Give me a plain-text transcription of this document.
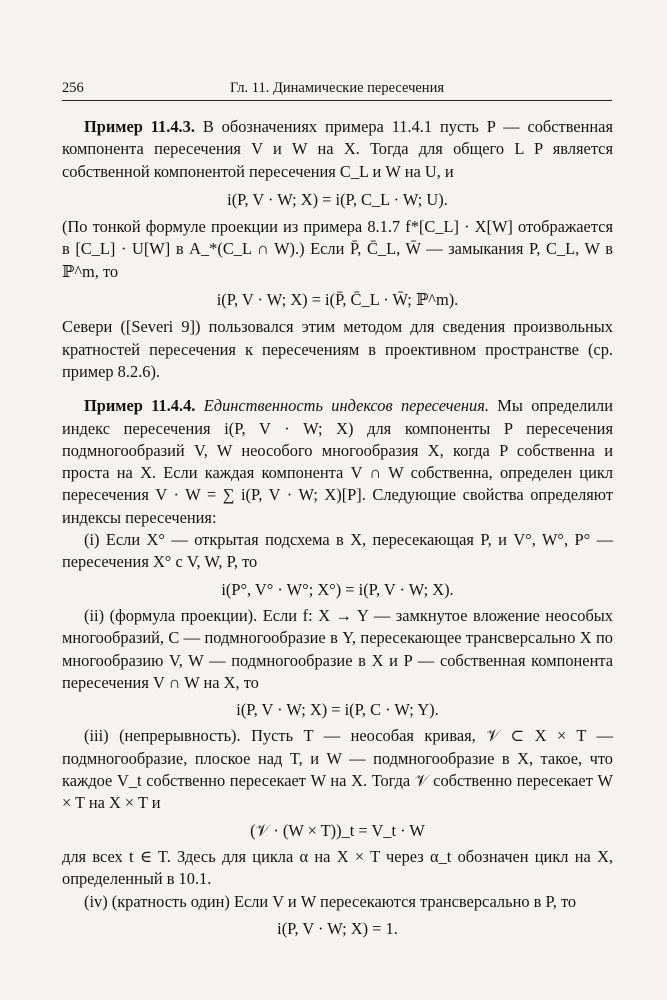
256	Гл. 11. Динамические пересечения

Пример 11.4.3. В обозначениях примера 11.4.1 пусть P — собственная компонента пересечения V и W на X. Тогда для общего L P является собственной компонентой пересечения C_L и W на U, и

i(P, V · W; X) = i(P, C_L · W; U).

(По тонкой формуле проекции из примера 8.1.7 f*[C_L] · X[W] отображается в [C_L] · U[W] в A_*(C_L ∩ W).) Если P̄, C̄_L, W̄ — замыкания P, C_L, W в ℙ^m, то

i(P, V · W; X) = i(P̄, C̄_L · W̄; ℙ^m).

Севери ([Severi 9]) пользовался этим методом для сведения произвольных кратностей пересечения к пересечениям в проективном пространстве (ср. пример 8.2.6).

Пример 11.4.4. Единственность индексов пересечения. Мы определили индекс пересечения i(P, V · W; X) для компоненты P пересечения подмногообразий V, W неособого многообразия X, когда P собственна и проста на X. Если каждая компонента V ∩ W собственна, определен цикл пересечения V · W = ∑ i(P, V · W; X)[P]. Следующие свойства определяют индексы пересечения:

(i) Если X° — открытая подсхема в X, пересекающая P, и V°, W°, P° — пересечения X° с V, W, P, то

i(P°, V° · W°; X°) = i(P, V · W; X).

(ii) (формула проекции). Если f: X → Y — замкнутое вложение неособых многообразий, C — подмногообразие в Y, пересекающее трансверсально X по многообразию V, W — подмногообразие в X и P — собственная компонента пересечения V ∩ W на X, то

i(P, V · W; X) = i(P, C · W; Y).

(iii) (непрерывность). Пусть T — неособая кривая, 𝒱 ⊂ X × T — подмногообразие, плоское над T, и W — подмногообразие в X, такое, что каждое V_t собственно пересекает W на X. Тогда 𝒱 собственно пересекает W × T на X × T и

(𝒱 · (W × T))_t = V_t · W

для всех t ∈ T. Здесь для цикла α на X × T через α_t обозначен цикл на X, определенный в 10.1.

(iv) (кратность один) Если V и W пересекаются трансверсально в P, то

i(P, V · W; X) = 1.
